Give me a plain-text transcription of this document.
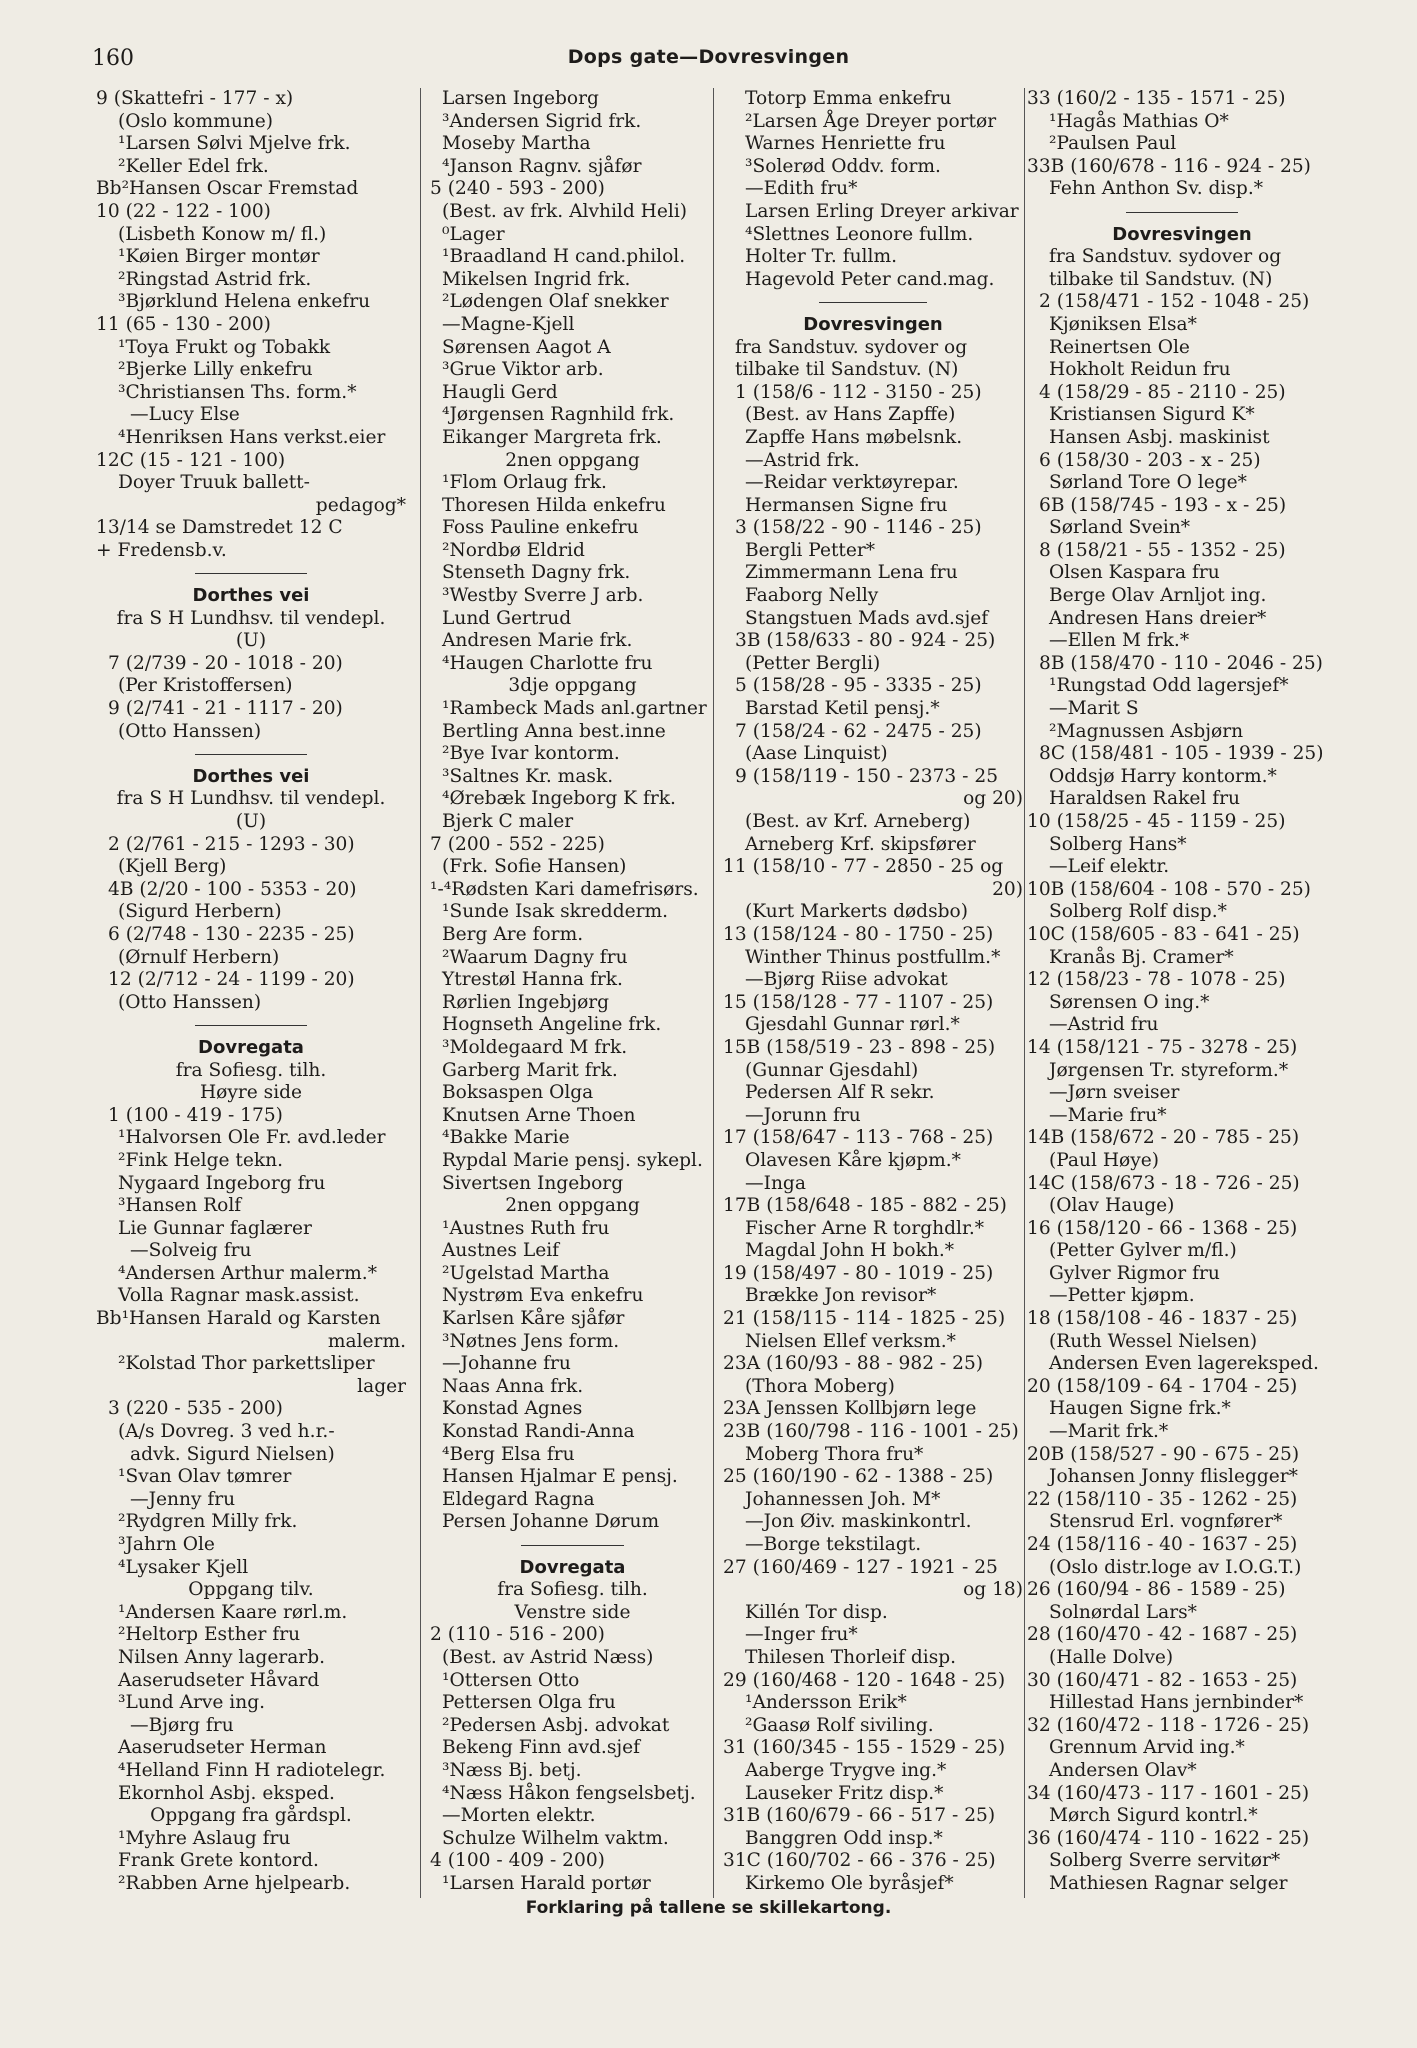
160	Dops gate—Dovresvingen
9 (Skattefri - 177 - x)
(Oslo kommune)
¹Larsen Sølvi Mjelve frk.
²Keller Edel frk.
Bb²Hansen Oscar Fremstad
10 (22 - 122 - 100)
(Lisbeth Konow m/ fl.)
¹Køien Birger montør
²Ringstad Astrid frk.
³Bjørklund Helena enkefru
11 (65 - 130 - 200)
¹Toya Frukt og Tobakk
²Bjerke Lilly enkefru
³Christiansen Ths. form.*
—Lucy Else
⁴Henriksen Hans verkst.eier
12C (15 - 121 - 100)
Doyer Truuk ballett-
pedagog*
13/14 se Damstredet 12 C
+ Fredensb.v.
Dorthes vei
fra S H Lundhsv. til vendepl.
(U)
7 (2/739 - 20 - 1018 - 20)
(Per Kristoffersen)
9 (2/741 - 21 - 1117 - 20)
(Otto Hanssen)
Dorthes vei
fra S H Lundhsv. til vendepl.
(U)
2 (2/761 - 215 - 1293 - 30)
(Kjell Berg)
4B (2/20 - 100 - 5353 - 20)
(Sigurd Herbern)
6 (2/748 - 130 - 2235 - 25)
(Ørnulf Herbern)
12 (2/712 - 24 - 1199 - 20)
(Otto Hanssen)
Dovregata
fra Sofiesg. tilh.
Høyre side
1 (100 - 419 - 175)
¹Halvorsen Ole Fr. avd.leder
²Fink Helge tekn.
Nygaard Ingeborg fru
³Hansen Rolf
Lie Gunnar faglærer
—Solveig fru
⁴Andersen Arthur malerm.*
Volla Ragnar mask.assist.
Bb¹Hansen Harald og Karsten
malerm.
²Kolstad Thor parkettsliper
lager
3 (220 - 535 - 200)
(A/s Dovreg. 3 ved h.r.-
advk. Sigurd Nielsen)
¹Svan Olav tømrer
—Jenny fru
²Rydgren Milly frk.
³Jahrn Ole
⁴Lysaker Kjell
Oppgang tilv.
¹Andersen Kaare rørl.m.
²Heltorp Esther fru
Nilsen Anny lagerarb.
Aaserudseter Håvard
³Lund Arve ing.
—Bjørg fru
Aaserudseter Herman
⁴Helland Finn H radiotelegr.
Ekornhol Asbj. eksped.
Oppgang fra gårdspl.
¹Myhre Aslaug fru
Frank Grete kontord.
²Rabben Arne hjelpearb.
Larsen Ingeborg
³Andersen Sigrid frk.
Moseby Martha
⁴Janson Ragnv. sjåfør
5 (240 - 593 - 200)
(Best. av frk. Alvhild Heli)
⁰Lager
¹Braadland H cand.philol.
Mikelsen Ingrid frk.
²Lødengen Olaf snekker
—Magne-Kjell
Sørensen Aagot A
³Grue Viktor arb.
Haugli Gerd
⁴Jørgensen Ragnhild frk.
Eikanger Margreta frk.
2nen oppgang
¹Flom Orlaug frk.
Thoresen Hilda enkefru
Foss Pauline enkefru
²Nordbø Eldrid
Stenseth Dagny frk.
³Westby Sverre J arb.
Lund Gertrud
Andresen Marie frk.
⁴Haugen Charlotte fru
3dje oppgang
¹Rambeck Mads anl.gartner
Bertling Anna best.inne
²Bye Ivar kontorm.
³Saltnes Kr. mask.
⁴Ørebæk Ingeborg K frk.
Bjerk C maler
7 (200 - 552 - 225)
(Frk. Sofie Hansen)
¹-⁴Rødsten Kari damefrisørs.
¹Sunde Isak skredderm.
Berg Are form.
²Waarum Dagny fru
Ytrestøl Hanna frk.
Rørlien Ingebjørg
Hognseth Angeline frk.
³Moldegaard M frk.
Garberg Marit frk.
Boksaspen Olga
Knutsen Arne Thoen
⁴Bakke Marie
Rypdal Marie pensj. sykepl.
Sivertsen Ingeborg
2nen oppgang
¹Austnes Ruth fru
Austnes Leif
²Ugelstad Martha
Nystrøm Eva enkefru
Karlsen Kåre sjåfør
³Nøtnes Jens form.
—Johanne fru
Naas Anna frk.
Konstad Agnes
Konstad Randi-Anna
⁴Berg Elsa fru
Hansen Hjalmar E pensj.
Eldegard Ragna
Persen Johanne Dørum
Dovregata
fra Sofiesg. tilh.
Venstre side
2 (110 - 516 - 200)
(Best. av Astrid Næss)
¹Ottersen Otto
Pettersen Olga fru
²Pedersen Asbj. advokat
Bekeng Finn avd.sjef
³Næss Bj. betj.
⁴Næss Håkon fengselsbetj.
—Morten elektr.
Schulze Wilhelm vaktm.
4 (100 - 409 - 200)
¹Larsen Harald portør
Totorp Emma enkefru
²Larsen Åge Dreyer portør
Warnes Henriette fru
³Solerød Oddv. form.
—Edith fru*
Larsen Erling Dreyer arkivar
⁴Slettnes Leonore fullm.
Holter Tr. fullm.
Hagevold Peter cand.mag.
Dovresvingen
fra Sandstuv. sydover og
tilbake til Sandstuv. (N)
1 (158/6 - 112 - 3150 - 25)
(Best. av Hans Zapffe)
Zapffe Hans møbelsnk.
—Astrid frk.
—Reidar verktøyrepar.
Hermansen Signe fru
3 (158/22 - 90 - 1146 - 25)
Bergli Petter*
Zimmermann Lena fru
Faaborg Nelly
Stangstuen Mads avd.sjef
3B (158/633 - 80 - 924 - 25)
(Petter Bergli)
5 (158/28 - 95 - 3335 - 25)
Barstad Ketil pensj.*
7 (158/24 - 62 - 2475 - 25)
(Aase Linquist)
9 (158/119 - 150 - 2373 - 25
og 20)
(Best. av Krf. Arneberg)
Arneberg Krf. skipsfører
11 (158/10 - 77 - 2850 - 25 og
20)
(Kurt Markerts dødsbo)
13 (158/124 - 80 - 1750 - 25)
Winther Thinus postfullm.*
—Bjørg Riise advokat
15 (158/128 - 77 - 1107 - 25)
Gjesdahl Gunnar rørl.*
15B (158/519 - 23 - 898 - 25)
(Gunnar Gjesdahl)
Pedersen Alf R sekr.
—Jorunn fru
17 (158/647 - 113 - 768 - 25)
Olavesen Kåre kjøpm.*
—Inga
17B (158/648 - 185 - 882 - 25)
Fischer Arne R torghdlr.*
Magdal John H bokh.*
19 (158/497 - 80 - 1019 - 25)
Brække Jon revisor*
21 (158/115 - 114 - 1825 - 25)
Nielsen Ellef verksm.*
23A (160/93 - 88 - 982 - 25)
(Thora Moberg)
23A Jenssen Kollbjørn lege
23B (160/798 - 116 - 1001 - 25)
Moberg Thora fru*
25 (160/190 - 62 - 1388 - 25)
Johannessen Joh. M*
—Jon Øiv. maskinkontrl.
—Borge tekstilagt.
27 (160/469 - 127 - 1921 - 25
og 18)
Killén Tor disp.
—Inger fru*
Thilesen Thorleif disp.
29 (160/468 - 120 - 1648 - 25)
¹Andersson Erik*
²Gaasø Rolf siviling.
31 (160/345 - 155 - 1529 - 25)
Aaberge Trygve ing.*
Lauseker Fritz disp.*
31B (160/679 - 66 - 517 - 25)
Banggren Odd insp.*
31C (160/702 - 66 - 376 - 25)
Kirkemo Ole byråsjef*
33 (160/2 - 135 - 1571 - 25)
¹Hagås Mathias O*
²Paulsen Paul
33B (160/678 - 116 - 924 - 25)
Fehn Anthon Sv. disp.*
Dovresvingen
fra Sandstuv. sydover og
tilbake til Sandstuv. (N)
2 (158/471 - 152 - 1048 - 25)
Kjøniksen Elsa*
Reinertsen Ole
Hokholt Reidun fru
4 (158/29 - 85 - 2110 - 25)
Kristiansen Sigurd K*
Hansen Asbj. maskinist
6 (158/30 - 203 - x - 25)
Sørland Tore O lege*
6B (158/745 - 193 - x - 25)
Sørland Svein*
8 (158/21 - 55 - 1352 - 25)
Olsen Kaspara fru
Berge Olav Arnljot ing.
Andresen Hans dreier*
—Ellen M frk.*
8B (158/470 - 110 - 2046 - 25)
¹Rungstad Odd lagersjef*
—Marit S
²Magnussen Asbjørn
8C (158/481 - 105 - 1939 - 25)
Oddsjø Harry kontorm.*
Haraldsen Rakel fru
10 (158/25 - 45 - 1159 - 25)
Solberg Hans*
—Leif elektr.
10B (158/604 - 108 - 570 - 25)
Solberg Rolf disp.*
10C (158/605 - 83 - 641 - 25)
Kranås Bj. Cramer*
12 (158/23 - 78 - 1078 - 25)
Sørensen O ing.*
—Astrid fru
14 (158/121 - 75 - 3278 - 25)
Jørgensen Tr. styreform.*
—Jørn sveiser
—Marie fru*
14B (158/672 - 20 - 785 - 25)
(Paul Høye)
14C (158/673 - 18 - 726 - 25)
(Olav Hauge)
16 (158/120 - 66 - 1368 - 25)
(Petter Gylver m/fl.)
Gylver Rigmor fru
—Petter kjøpm.
18 (158/108 - 46 - 1837 - 25)
(Ruth Wessel Nielsen)
Andersen Even lagereksped.
20 (158/109 - 64 - 1704 - 25)
Haugen Signe frk.*
—Marit frk.*
20B (158/527 - 90 - 675 - 25)
Johansen Jonny flislegger*
22 (158/110 - 35 - 1262 - 25)
Stensrud Erl. vognfører*
24 (158/116 - 40 - 1637 - 25)
(Oslo distr.loge av I.O.G.T.)
26 (160/94 - 86 - 1589 - 25)
Solnørdal Lars*
28 (160/470 - 42 - 1687 - 25)
(Halle Dolve)
30 (160/471 - 82 - 1653 - 25)
Hillestad Hans jernbinder*
32 (160/472 - 118 - 1726 - 25)
Grennum Arvid ing.*
Andersen Olav*
34 (160/473 - 117 - 1601 - 25)
Mørch Sigurd kontrl.*
36 (160/474 - 110 - 1622 - 25)
Solberg Sverre servitør*
Mathiesen Ragnar selger
Forklaring på tallene se skillekartong.
